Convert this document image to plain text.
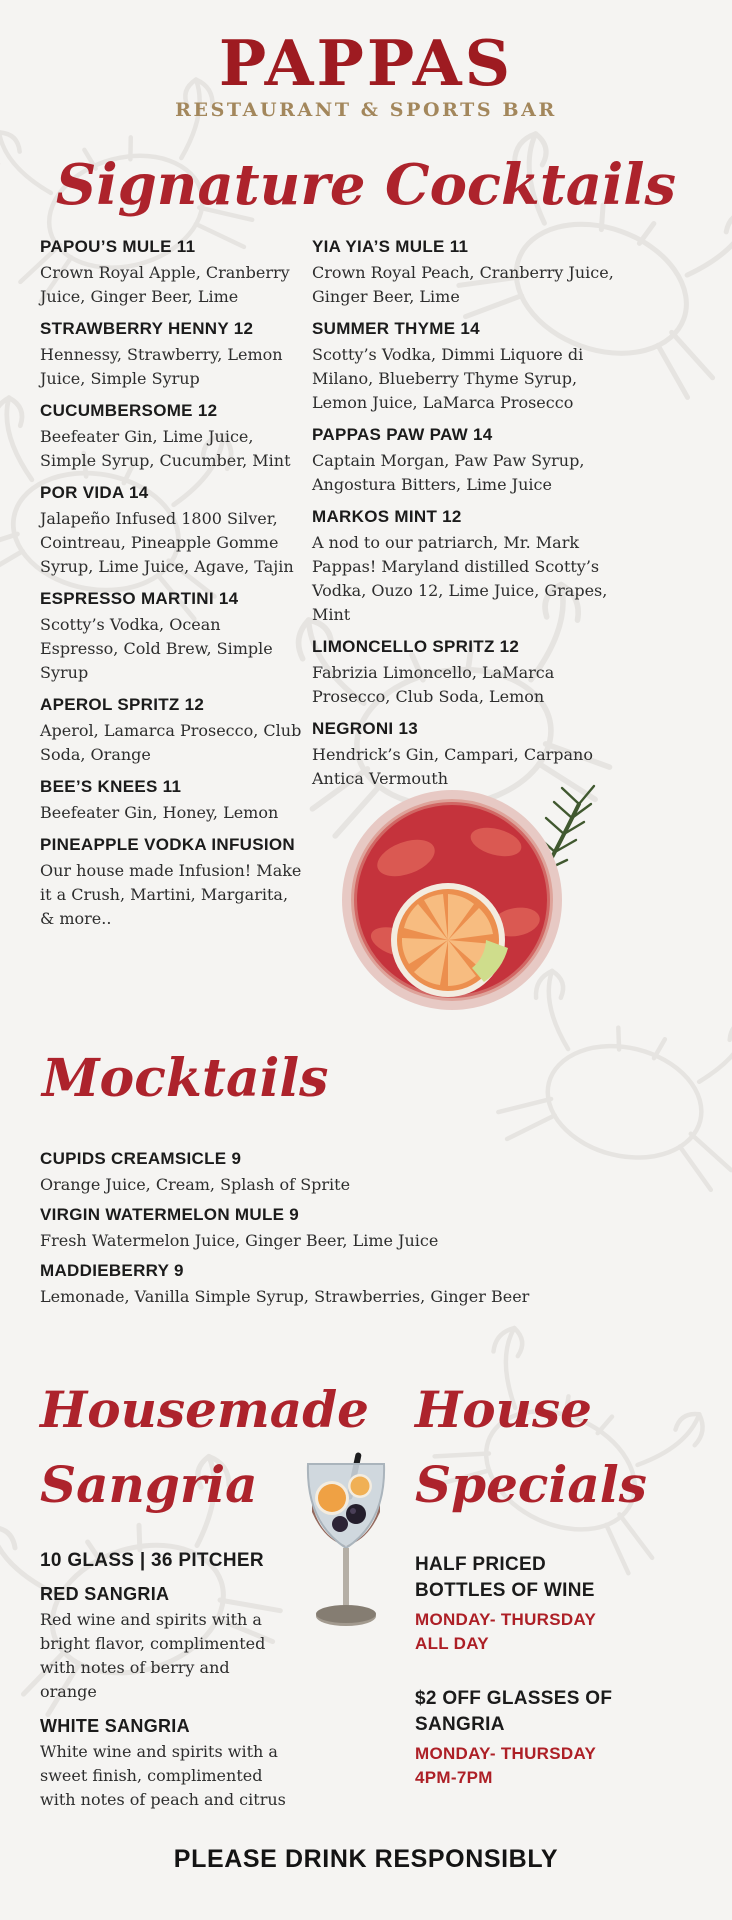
PAPPAS
RESTAURANT & SPORTS BAR
Signature Cocktails
PAPOU’S MULE 11
Crown Royal Apple, Cranberry Juice, Ginger Beer, Lime
STRAWBERRY HENNY 12
Hennessy, Strawberry, Lemon Juice, Simple Syrup
CUCUMBERSOME 12
Beefeater Gin, Lime Juice, Simple Syrup, Cucumber, Mint
POR VIDA 14
Jalapeño Infused 1800 Silver, Cointreau, Pineapple Gomme Syrup, Lime Juice, Agave, Tajin
ESPRESSO MARTINI 14
Scotty’s Vodka, Ocean Espresso, Cold Brew, Simple Syrup
APEROL SPRITZ 12
Aperol, Lamarca Prosecco, Club Soda, Orange
BEE’S KNEES 11
Beefeater Gin, Honey, Lemon
PINEAPPLE VODKA INFUSION
Our house made Infusion! Make it a Crush, Martini, Margarita, & more..
YIA YIA’S MULE 11
Crown Royal Peach, Cranberry Juice, Ginger Beer, Lime
SUMMER THYME 14
Scotty’s Vodka, Dimmi Liquore di Milano, Blueberry Thyme Syrup, Lemon Juice, LaMarca Prosecco
PAPPAS PAW PAW 14
Captain Morgan, Paw Paw Syrup, Angostura Bitters, Lime Juice
MARKOS MINT 12
A nod to our patriarch, Mr. Mark Pappas! Maryland distilled Scotty’s Vodka, Ouzo 12, Lime Juice, Grapes, Mint
LIMONCELLO SPRITZ 12
Fabrizia Limoncello, LaMarca Prosecco, Club Soda, Lemon
NEGRONI 13
Hendrick’s Gin, Campari, Carpano Antica Vermouth
Mocktails
CUPIDS CREAMSICLE 9
Orange Juice, Cream, Splash of Sprite
VIRGIN WATERMELON MULE 9
Fresh Watermelon Juice, Ginger Beer, Lime Juice
MADDIEBERRY 9
Lemonade, Vanilla Simple Syrup, Strawberries, Ginger Beer
Housemade
Sangria
10 GLASS | 36 PITCHER
RED SANGRIA
Red wine and spirits with a bright flavor, complimented with notes of berry and orange
WHITE SANGRIA
White wine and spirits with a sweet finish, complimented with notes of peach and citrus
House
Specials
HALF PRICED BOTTLES OF WINE
MONDAY- THURSDAY
ALL DAY
$2 OFF GLASSES OF SANGRIA
MONDAY- THURSDAY
4PM-7PM
PLEASE DRINK RESPONSIBLY
